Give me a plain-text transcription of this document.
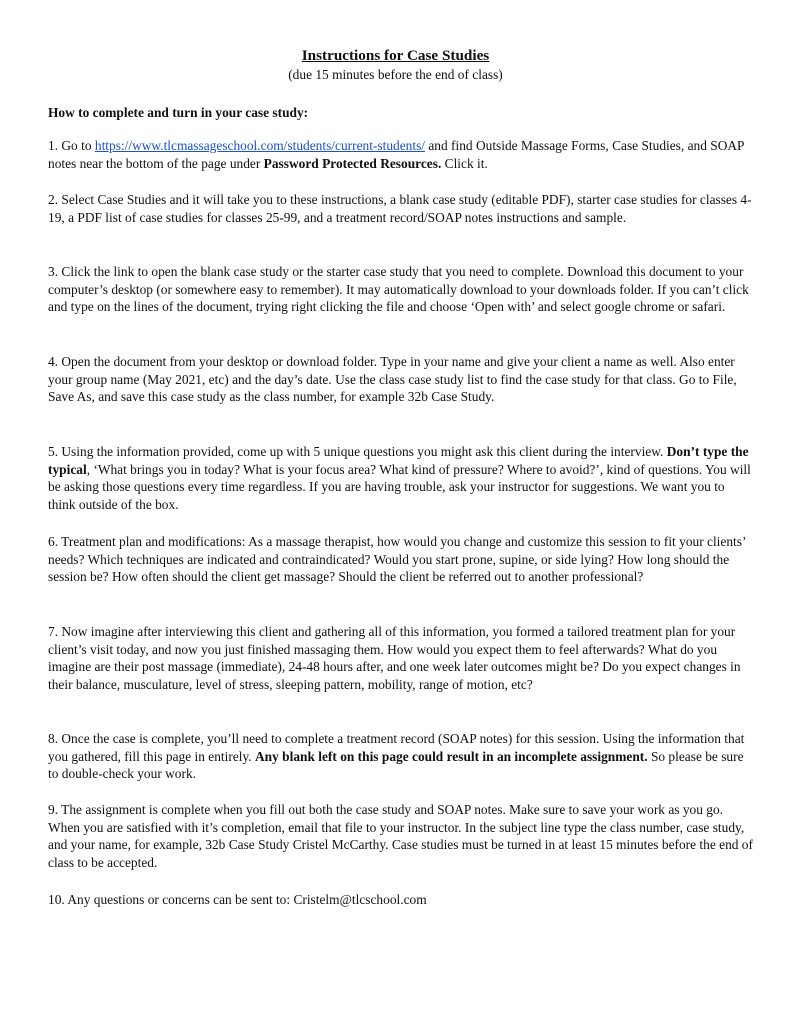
Instructions for Case Studies
(due 15 minutes before the end of class)
How to complete and turn in your case study:

1. Go to https://www.tlcmassageschool.com/students/current-students/ and find Outside Massage Forms, Case Studies, and SOAP notes near the bottom of the page under Password Protected Resources. Click it.

2. Select Case Studies and it will take you to these instructions, a blank case study (editable PDF), starter case studies for classes 4-19, a PDF list of case studies for classes 25-99, and a treatment record/SOAP notes instructions and sample.

3. Click the link to open the blank case study or the starter case study that you need to complete. Download this document to your computer’s desktop (or somewhere easy to remember). It may automatically download to your downloads folder. If you can’t click and type on the lines of the document, trying right clicking the file and choose ‘Open with’ and select google chrome or safari.

4. Open the document from your desktop or download folder. Type in your name and give your client a name as well. Also enter your group name (May 2021, etc) and the day’s date. Use the class case study list to find the case study for that class. Go to File, Save As, and save this case study as the class number, for example 32b Case Study.

5. Using the information provided, come up with 5 unique questions you might ask this client during the interview. Don’t type the typical, ‘What brings you in today? What is your focus area? What kind of pressure? Where to avoid?’, kind of questions. You will be asking those questions every time regardless. If you are having trouble, ask your instructor for suggestions. We want you to think outside of the box.

6. Treatment plan and modifications: As a massage therapist, how would you change and customize this session to fit your clients’ needs? Which techniques are indicated and contraindicated? Would you start prone, supine, or side lying? How long should the session be? How often should the client get massage? Should the client be referred out to another professional?

7. Now imagine after interviewing this client and gathering all of this information, you formed a tailored treatment plan for your client’s visit today, and now you just finished massaging them. How would you expect them to feel afterwards? What do you imagine are their post massage (immediate), 24-48 hours after, and one week later outcomes might be? Do you expect changes in their balance, musculature, level of stress, sleeping pattern, mobility, range of motion, etc?

8. Once the case is complete, you’ll need to complete a treatment record (SOAP notes) for this session. Using the information that you gathered, fill this page in entirely. Any blank left on this page could result in an incomplete assignment. So please be sure to double-check your work.

9. The assignment is complete when you fill out both the case study and SOAP notes. Make sure to save your work as you go. When you are satisfied with it’s completion, email that file to your instructor. In the subject line type the class number, case study, and your name, for example, 32b Case Study Cristel McCarthy. Case studies must be turned in at least 15 minutes before the end of class to be accepted.

10. Any questions or concerns can be sent to: Cristelm@tlcschool.com
